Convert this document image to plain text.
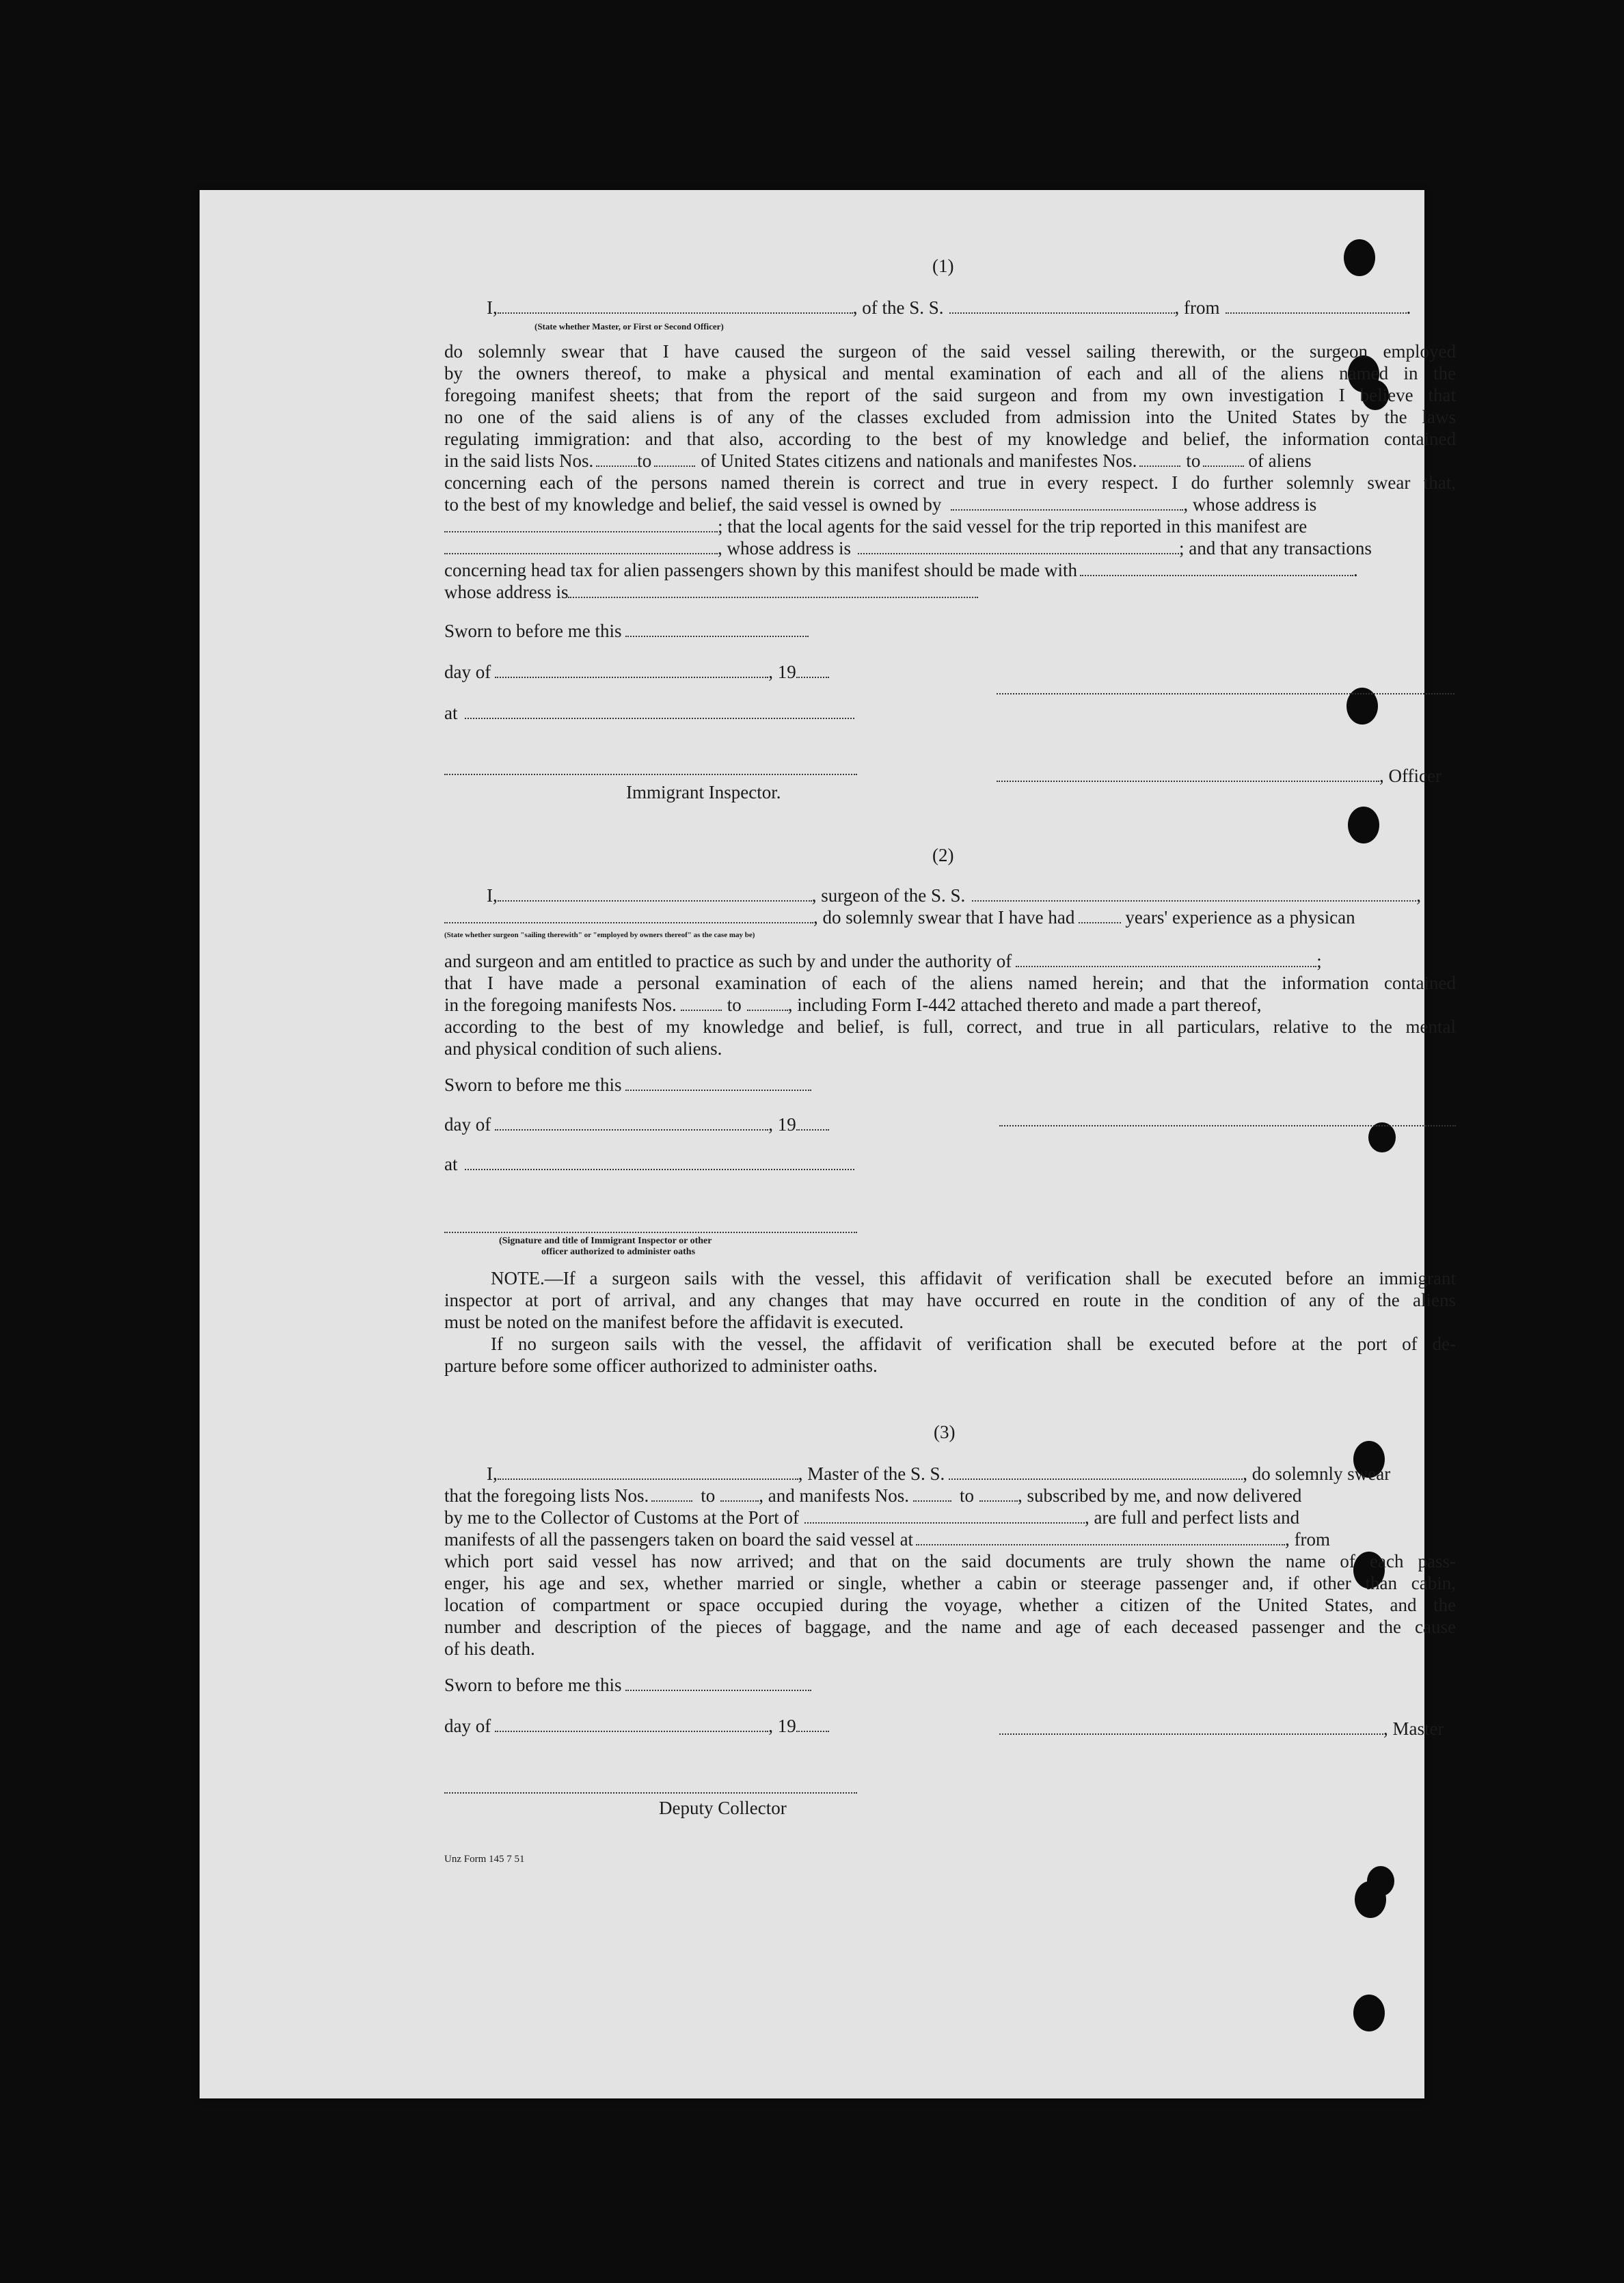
(1)
I,	, of the S. S.	, from	.
(State whether Master, or First or Second Officer)
do solemnly swear that I have caused the surgeon of the said vessel sailing therewith, or the surgeon employed
by the owners thereof, to make a physical and mental examination of each and all of the aliens named in the
foregoing manifest sheets; that from the report of the said surgeon and from my own investigation I believe that
no one of the said aliens is of any of the classes excluded from admission into the United States by the laws
regulating immigration: and that also, according to the best of my knowledge and belief, the information contained
in the said lists Nos. to	of United States citizens and nationals and manifestes Nos.	to	of aliens
concerning each of the persons named therein is correct and true in every respect. I do further solemnly swear that,
to the best of my knowledge and belief, the said vessel is owned by	, whose address is
; that the local agents for the said vessel for the trip reported in this manifest are
, whose address is	; and that any transactions
concerning head tax for alien passengers shown by this manifest should be made with	.
whose address is
Sworn to before me this
day of	, 19
at
, Officer
Immigrant Inspector.
(2)
I,	, surgeon of the S. S.	,
, do solemnly swear that I have had	years' experience as a physican
(State whether surgeon "sailing therewith" or "employed by owners thereof" as the case may be)
and surgeon and am entitled to practice as such by and under the authority of	;
that I have made a personal examination of each of the aliens named herein; and that the information contained
in the foregoing manifests Nos.	to	, including Form I-442 attached thereto and made a part thereof,
according to the best of my knowledge and belief, is full, correct, and true in all particulars, relative to the mental
and physical condition of such aliens.
Sworn to before me this
day of	, 19
at
(Signature and title of Immigrant Inspector or other
officer authorized to administer oaths
NOTE.—If a surgeon sails with the vessel, this affidavit of verification shall be executed before an immigrant
inspector at port of arrival, and any changes that may have occurred en route in the condition of any of the aliens
must be noted on the manifest before the affidavit is executed.
If no surgeon sails with the vessel, the affidavit of verification shall be executed before at the port of de-
parture before some officer authorized to administer oaths.
(3)
I,	, Master of the S. S.	, do solemnly swear
that the foregoing lists Nos.	to , and manifests Nos.	to , subscribed by me, and now delivered
by me to the Collector of Customs at the Port of	, are full and perfect lists and
manifests of all the passengers taken on board the said vessel at	, from
which port said vessel has now arrived; and that on the said documents are truly shown the name of each pass-
enger, his age and sex, whether married or single, whether a cabin or steerage passenger and, if other than cabin,
location of compartment or space occupied during the voyage, whether a citizen of the United States, and the
number and description of the pieces of baggage, and the name and age of each deceased passenger and the cause
of his death.
Sworn to before me this
day of	, 19	, Master
Deputy Collector
Unz Form 145 7 51
